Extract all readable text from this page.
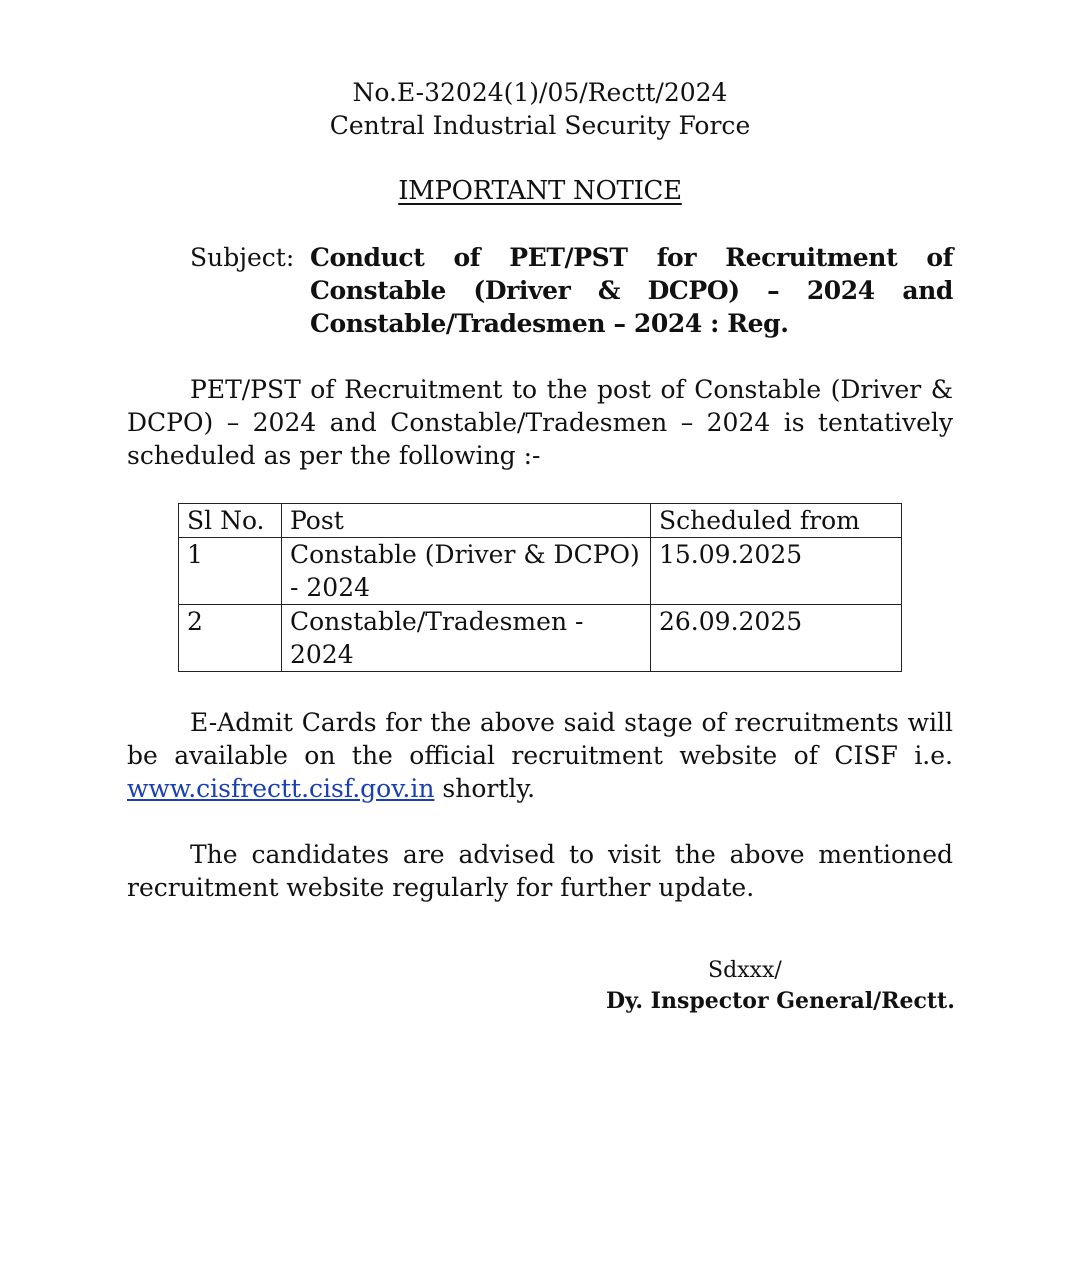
No.E-32024(1)/05/Rectt/2024
Central Industrial Security Force
IMPORTANT NOTICE
Subject: Conduct of PET/PST for Recruitment of Constable (Driver & DCPO) – 2024 and Constable/Tradesmen – 2024 : Reg.
PET/PST of Recruitment to the post of Constable (Driver & DCPO) – 2024 and Constable/Tradesmen – 2024 is tentatively scheduled as per the following :-
Sl No.	Post	Scheduled from
1	Constable (Driver & DCPO) - 2024	15.09.2025
2	Constable/Tradesmen - 2024	26.09.2025
E-Admit Cards for the above said stage of recruitments will be available on the official recruitment website of CISF i.e. www.cisfrectt.cisf.gov.in shortly.
The candidates are advised to visit the above mentioned recruitment website regularly for further update.
Sdxxx/
Dy. Inspector General/Rectt.
